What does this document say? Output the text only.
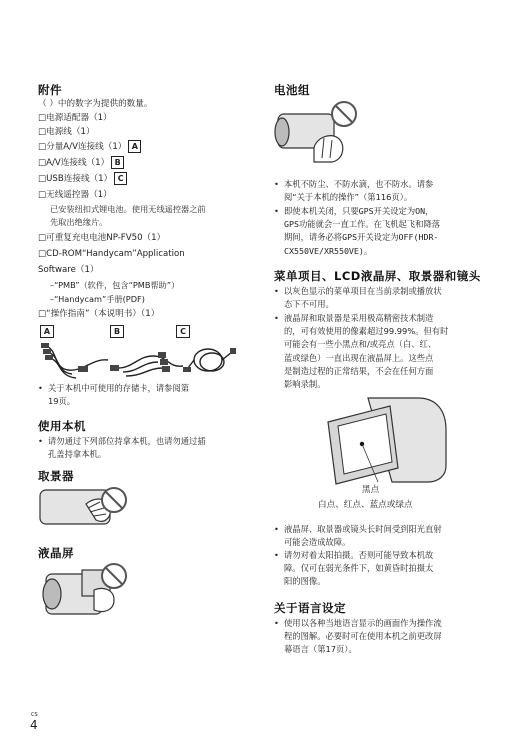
附件
（ ）中的数字为提供的数量。
□电源适配器（1）
□电源线（1）
□分量A/V连接线（1） A
□A/V连接线（1） B
□USB连接线（1） C
□无线遥控器（1）
已安装纽扣式锂电池。使用无线遥控器之前
先取出绝缘片。
□可重复充电电池NP-FV50（1）
□CD-ROM“Handycam”Application
Software（1）
–“PMB”（软件，包含“PMB帮助”）
–“Handycam”手册(PDF)
□“操作指南”（本说明书）（1）
A	B	C
• 关于本机中可使用的存储卡，请参阅第
19页。
使用本机
• 请勿通过下列部位持拿本机，也请勿通过插
孔盖持拿本机。
取景器
液晶屏
电池组
• 本机不防尘、不防水滴，也不防水。请参
阅“关于本机的操作”（第116页）。
• 即使本机关闭，只要GPS开关设定为ON，
GPS功能就会一直工作。在飞机起飞和降落
期间，请务必将GPS开关设定为OFF(HDR-
CX550VE/XR550VE)。
菜单项目、LCD液晶屏、取景器和镜头
• 以灰色显示的菜单项目在当前录制或播放状
态下不可用。
• 液晶屏和取景器是采用极高精密技术制造
的，可有效使用的像素超过99.99%。但有时
可能会有一些小黑点和/或亮点（白、红、
蓝或绿色）一直出现在液晶屏上。这些点
是制造过程的正常结果，不会在任何方面
影响录制。
黑点
白点、红点、蓝点或绿点
• 液晶屏、取景器或镜头长时间受到阳光直射
可能会造成故障。
• 请勿对着太阳拍摄。否则可能导致本机故
障。仅可在弱光条件下，如黄昏时拍摄太
阳的图像。
关于语言设定
• 使用以各种当地语言显示的画面作为操作流
程的图解。必要时可在使用本机之前更改屏
幕语言（第17页）。
CS
4
